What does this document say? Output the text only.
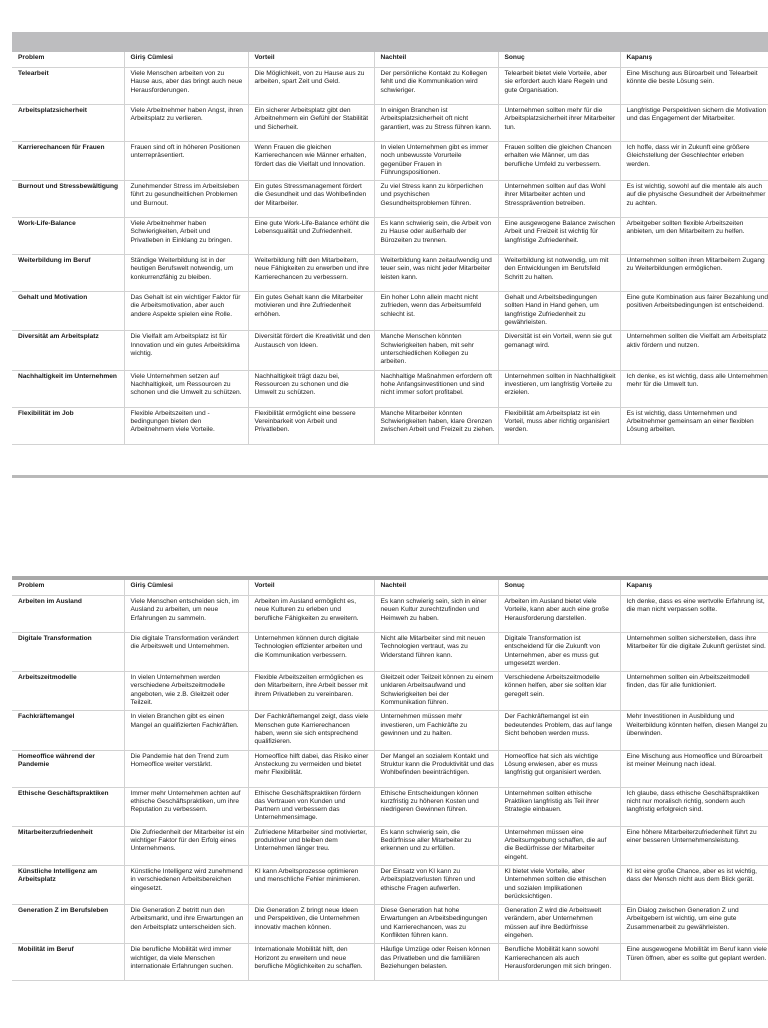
Problem	Giriş Cümlesi	Vorteil	Nachteil	Sonuç	Kapanış
Telearbeit	Viele Menschen arbeiten von zu Hause aus, aber das bringt auch neue Herausforderungen.	Die Möglichkeit, von zu Hause aus zu arbeiten, spart Zeit und Geld.	Der persönliche Kontakt zu Kollegen fehlt und die Kommunikation wird schwieriger.	Telearbeit bietet viele Vorteile, aber sie erfordert auch klare Regeln und gute Organisation.	Eine Mischung aus Büroarbeit und Telearbeit könnte die beste Lösung sein.
Arbeitsplatzsicherheit	Viele Arbeitnehmer haben Angst, ihren Arbeitsplatz zu verlieren.	Ein sicherer Arbeitsplatz gibt den Arbeitnehmern ein Gefühl der Stabilität und Sicherheit.	In einigen Branchen ist Arbeitsplatzsicherheit oft nicht garantiert, was zu Stress führen kann.	Unternehmen sollten mehr für die Arbeitsplatzsicherheit ihrer Mitarbeiter tun.	Langfristige Perspektiven sichern die Motivation und das Engagement der Mitarbeiter.
Karrierechancen für Frauen	Frauen sind oft in höheren Positionen unterrepräsentiert.	Wenn Frauen die gleichen Karrierechancen wie Männer erhalten, fördert das die Vielfalt und Innovation.	In vielen Unternehmen gibt es immer noch unbewusste Vorurteile gegenüber Frauen in Führungspositionen.	Frauen sollten die gleichen Chancen erhalten wie Männer, um das berufliche Umfeld zu verbessern.	Ich hoffe, dass wir in Zukunft eine größere Gleichstellung der Geschlechter erleben werden.
Burnout und Stressbewältigung	Zunehmender Stress im Arbeitsleben führt zu gesundheitlichen Problemen und Burnout.	Ein gutes Stressmanagement fördert die Gesundheit und das Wohlbefinden der Mitarbeiter.	Zu viel Stress kann zu körperlichen und psychischen Gesundheitsproblemen führen.	Unternehmen sollten auf das Wohl ihrer Mitarbeiter achten und Stressprävention betreiben.	Es ist wichtig, sowohl auf die mentale als auch auf die physische Gesundheit der Arbeitnehmer zu achten.
Work-Life-Balance	Viele Arbeitnehmer haben Schwierigkeiten, Arbeit und Privatleben in Einklang zu bringen.	Eine gute Work-Life-Balance erhöht die Lebensqualität und Zufriedenheit.	Es kann schwierig sein, die Arbeit von zu Hause oder außerhalb der Bürozeiten zu trennen.	Eine ausgewogene Balance zwischen Arbeit und Freizeit ist wichtig für langfristige Zufriedenheit.	Arbeitgeber sollten flexible Arbeitszeiten anbieten, um den Mitarbeitern zu helfen.
Weiterbildung im Beruf	Ständige Weiterbildung ist in der heutigen Berufswelt notwendig, um konkurrenzfähig zu bleiben.	Weiterbildung hilft den Mitarbeitern, neue Fähigkeiten zu erwerben und ihre Karrierechancen zu verbessern.	Weiterbildung kann zeitaufwendig und teuer sein, was nicht jeder Mitarbeiter leisten kann.	Weiterbildung ist notwendig, um mit den Entwicklungen im Berufsfeld Schritt zu halten.	Unternehmen sollten ihren Mitarbeitern Zugang zu Weiterbildungen ermöglichen.
Gehalt und Motivation	Das Gehalt ist ein wichtiger Faktor für die Arbeitsmotivation, aber auch andere Aspekte spielen eine Rolle.	Ein gutes Gehalt kann die Mitarbeiter motivieren und ihre Zufriedenheit erhöhen.	Ein hoher Lohn allein macht nicht zufrieden, wenn das Arbeitsumfeld schlecht ist.	Gehalt und Arbeitsbedingungen sollten Hand in Hand gehen, um langfristige Zufriedenheit zu gewährleisten.	Eine gute Kombination aus fairer Bezahlung und positiven Arbeitsbedingungen ist entscheidend.
Diversität am Arbeitsplatz	Die Vielfalt am Arbeitsplatz ist für Innovation und ein gutes Arbeitsklima wichtig.	Diversität fördert die Kreativität und den Austausch von Ideen.	Manche Menschen könnten Schwierigkeiten haben, mit sehr unterschiedlichen Kollegen zu arbeiten.	Diversität ist ein Vorteil, wenn sie gut gemanagt wird.	Unternehmen sollten die Vielfalt am Arbeitsplatz aktiv fördern und nutzen.
Nachhaltigkeit im Unternehmen	Viele Unternehmen setzen auf Nachhaltigkeit, um Ressourcen zu schonen und die Umwelt zu schützen.	Nachhaltigkeit trägt dazu bei, Ressourcen zu schonen und die Umwelt zu schützen.	Nachhaltige Maßnahmen erfordern oft hohe Anfangsinvestitionen und sind nicht immer sofort profitabel.	Unternehmen sollten in Nachhaltigkeit investieren, um langfristig Vorteile zu erzielen.	Ich denke, es ist wichtig, dass alle Unternehmen mehr für die Umwelt tun.
Flexibilität im Job	Flexible Arbeitszeiten und -bedingungen bieten den Arbeitnehmern viele Vorteile.	Flexibilität ermöglicht eine bessere Vereinbarkeit von Arbeit und Privatleben.	Manche Mitarbeiter könnten Schwierigkeiten haben, klare Grenzen zwischen Arbeit und Freizeit zu ziehen.	Flexibilität am Arbeitsplatz ist ein Vorteil, muss aber richtig organisiert werden.	Es ist wichtig, dass Unternehmen und Arbeitnehmer gemeinsam an einer flexiblen Lösung arbeiten.
Problem	Giriş Cümlesi	Vorteil	Nachteil	Sonuç	Kapanış
Arbeiten im Ausland	Viele Menschen entscheiden sich, im Ausland zu arbeiten, um neue Erfahrungen zu sammeln.	Arbeiten im Ausland ermöglicht es, neue Kulturen zu erleben und berufliche Fähigkeiten zu erweitern.	Es kann schwierig sein, sich in einer neuen Kultur zurechtzufinden und Heimweh zu haben.	Arbeiten im Ausland bietet viele Vorteile, kann aber auch eine große Herausforderung darstellen.	Ich denke, dass es eine wertvolle Erfahrung ist, die man nicht verpassen sollte.
Digitale Transformation	Die digitale Transformation verändert die Arbeitswelt und Unternehmen.	Unternehmen können durch digitale Technologien effizienter arbeiten und die Kommunikation verbessern.	Nicht alle Mitarbeiter sind mit neuen Technologien vertraut, was zu Widerstand führen kann.	Digitale Transformation ist entscheidend für die Zukunft von Unternehmen, aber es muss gut umgesetzt werden.	Unternehmen sollten sicherstellen, dass ihre Mitarbeiter für die digitale Zukunft gerüstet sind.
Arbeitszeitmodelle	In vielen Unternehmen werden verschiedene Arbeitszeitmodelle angeboten, wie z.B. Gleitzeit oder Teilzeit.	Flexible Arbeitszeiten ermöglichen es den Mitarbeitern, ihre Arbeit besser mit ihrem Privatleben zu vereinbaren.	Gleitzeit oder Teilzeit können zu einem unklaren Arbeitsaufwand und Schwierigkeiten bei der Kommunikation führen.	Verschiedene Arbeitszeitmodelle können helfen, aber sie sollten klar geregelt sein.	Unternehmen sollten ein Arbeitszeitmodell finden, das für alle funktioniert.
Fachkräftemangel	In vielen Branchen gibt es einen Mangel an qualifizierten Fachkräften.	Der Fachkräftemangel zeigt, dass viele Menschen gute Karrierechancen haben, wenn sie sich entsprechend qualifizieren.	Unternehmen müssen mehr investieren, um Fachkräfte zu gewinnen und zu halten.	Der Fachkräftemangel ist ein bedeutendes Problem, das auf lange Sicht behoben werden muss.	Mehr Investitionen in Ausbildung und Weiterbildung könnten helfen, diesen Mangel zu überwinden.
Homeoffice während der Pandemie	Die Pandemie hat den Trend zum Homeoffice weiter verstärkt.	Homeoffice hilft dabei, das Risiko einer Ansteckung zu vermeiden und bietet mehr Flexibilität.	Der Mangel an sozialem Kontakt und Struktur kann die Produktivität und das Wohlbefinden beeinträchtigen.	Homeoffice hat sich als wichtige Lösung erwiesen, aber es muss langfristig gut organisiert werden.	Eine Mischung aus Homeoffice und Büroarbeit ist meiner Meinung nach ideal.
Ethische Geschäftspraktiken	Immer mehr Unternehmen achten auf ethische Geschäftspraktiken, um ihre Reputation zu verbessern.	Ethische Geschäftspraktiken fördern das Vertrauen von Kunden und Partnern und verbessern das Unternehmensimage.	Ethische Entscheidungen können kurzfristig zu höheren Kosten und niedrigeren Gewinnen führen.	Unternehmen sollten ethische Praktiken langfristig als Teil ihrer Strategie einbauen.	Ich glaube, dass ethische Geschäftspraktiken nicht nur moralisch richtig, sondern auch langfristig erfolgreich sind.
Mitarbeiterzufriedenheit	Die Zufriedenheit der Mitarbeiter ist ein wichtiger Faktor für den Erfolg eines Unternehmens.	Zufriedene Mitarbeiter sind motivierter, produktiver und bleiben dem Unternehmen länger treu.	Es kann schwierig sein, die Bedürfnisse aller Mitarbeiter zu erkennen und zu erfüllen.	Unternehmen müssen eine Arbeitsumgebung schaffen, die auf die Bedürfnisse der Mitarbeiter eingeht.	Eine höhere Mitarbeiterzufriedenheit führt zu einer besseren Unternehmensleistung.
Künstliche Intelligenz am Arbeitsplatz	Künstliche Intelligenz wird zunehmend in verschiedenen Arbeitsbereichen eingesetzt.	KI kann Arbeitsprozesse optimieren und menschliche Fehler minimieren.	Der Einsatz von KI kann zu Arbeitsplatzverlusten führen und ethische Fragen aufwerfen.	KI bietet viele Vorteile, aber Unternehmen sollten die ethischen und sozialen Implikationen berücksichtigen.	KI ist eine große Chance, aber es ist wichtig, dass der Mensch nicht aus dem Blick gerät.
Generation Z im Berufsleben	Die Generation Z betritt nun den Arbeitsmarkt, und ihre Erwartungen an den Arbeitsplatz unterscheiden sich.	Die Generation Z bringt neue Ideen und Perspektiven, die Unternehmen innovativ machen können.	Diese Generation hat hohe Erwartungen an Arbeitsbedingungen und Karrierechancen, was zu Konflikten führen kann.	Generation Z wird die Arbeitswelt verändern, aber Unternehmen müssen auf ihre Bedürfnisse eingehen.	Ein Dialog zwischen Generation Z und Arbeitgebern ist wichtig, um eine gute Zusammenarbeit zu gewährleisten.
Mobilität im Beruf	Die berufliche Mobilität wird immer wichtiger, da viele Menschen internationale Erfahrungen suchen.	Internationale Mobilität hilft, den Horizont zu erweitern und neue berufliche Möglichkeiten zu schaffen.	Häufige Umzüge oder Reisen können das Privatleben und die familiären Beziehungen belasten.	Berufliche Mobilität kann sowohl Karrierechancen als auch Herausforderungen mit sich bringen.	Eine ausgewogene Mobilität im Beruf kann viele Türen öffnen, aber es sollte gut geplant werden.
